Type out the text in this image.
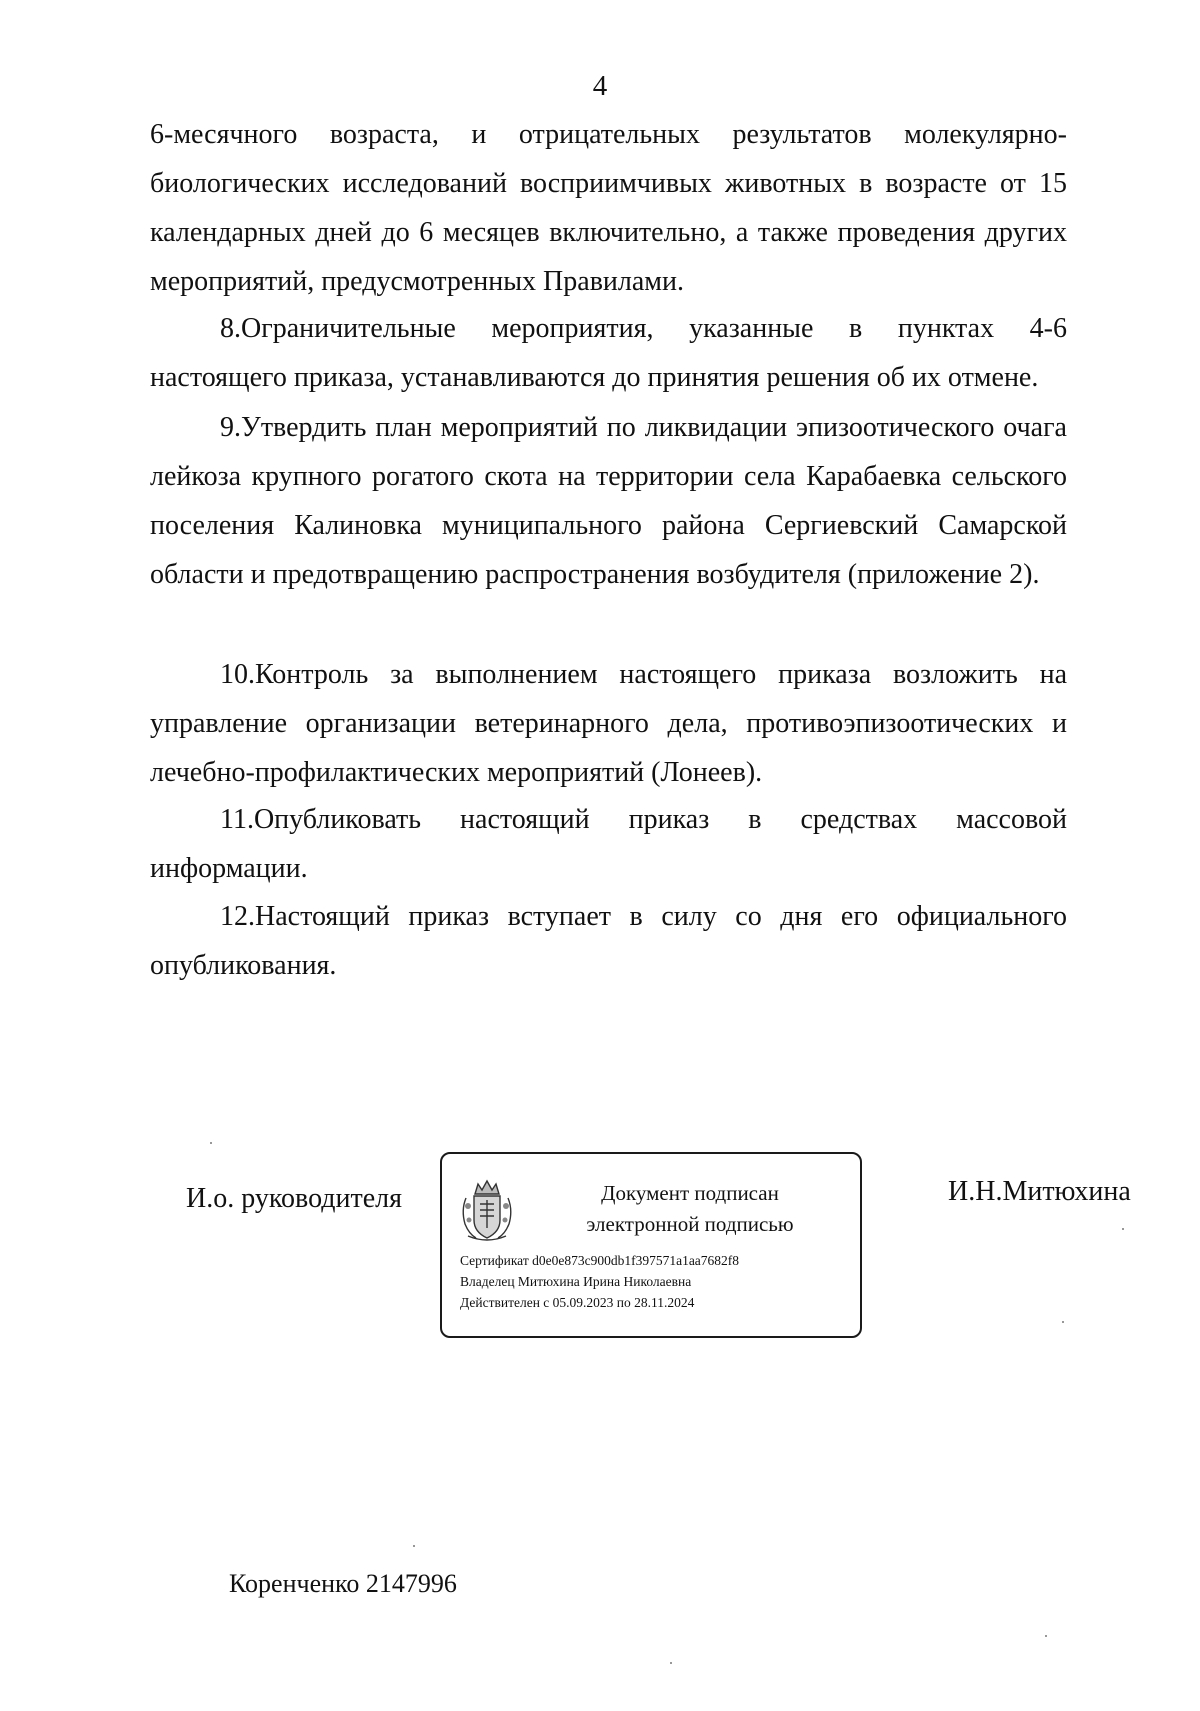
4

6-месячного возраста, и отрицательных результатов молекулярно-биологических исследований восприимчивых животных в возрасте от 15 календарных дней до 6 месяцев включительно, а также проведения других мероприятий, предусмотренных Правилами.

8.Ограничительные мероприятия, указанные в пунктах 4-6 настоящего приказа, устанавливаются до принятия решения об их отмене.

9.Утвердить план мероприятий по ликвидации эпизоотического очага лейкоза крупного рогатого скота на территории села Карабаевка сельского поселения Калиновка муниципального района Сергиевский Самарской области и предотвращению распространения возбудителя (приложение 2).

10.Контроль за выполнением настоящего приказа возложить на управление организации ветеринарного дела, противоэпизоотических и лечебно-профилактических мероприятий (Лонеев).

11.Опубликовать настоящий приказ в средствах массовой информации.

12.Настоящий приказ вступает в силу со дня его официального опубликования.

И.о. руководителя	Документ подписан
электронной подписью
Сертификат d0e0e873c900db1f397571a1aa7682f8
Владелец Митюхина Ирина Николаевна
Действителен с 05.09.2023 по 28.11.2024
И.Н.Митюхина
Коренченко 2147996
